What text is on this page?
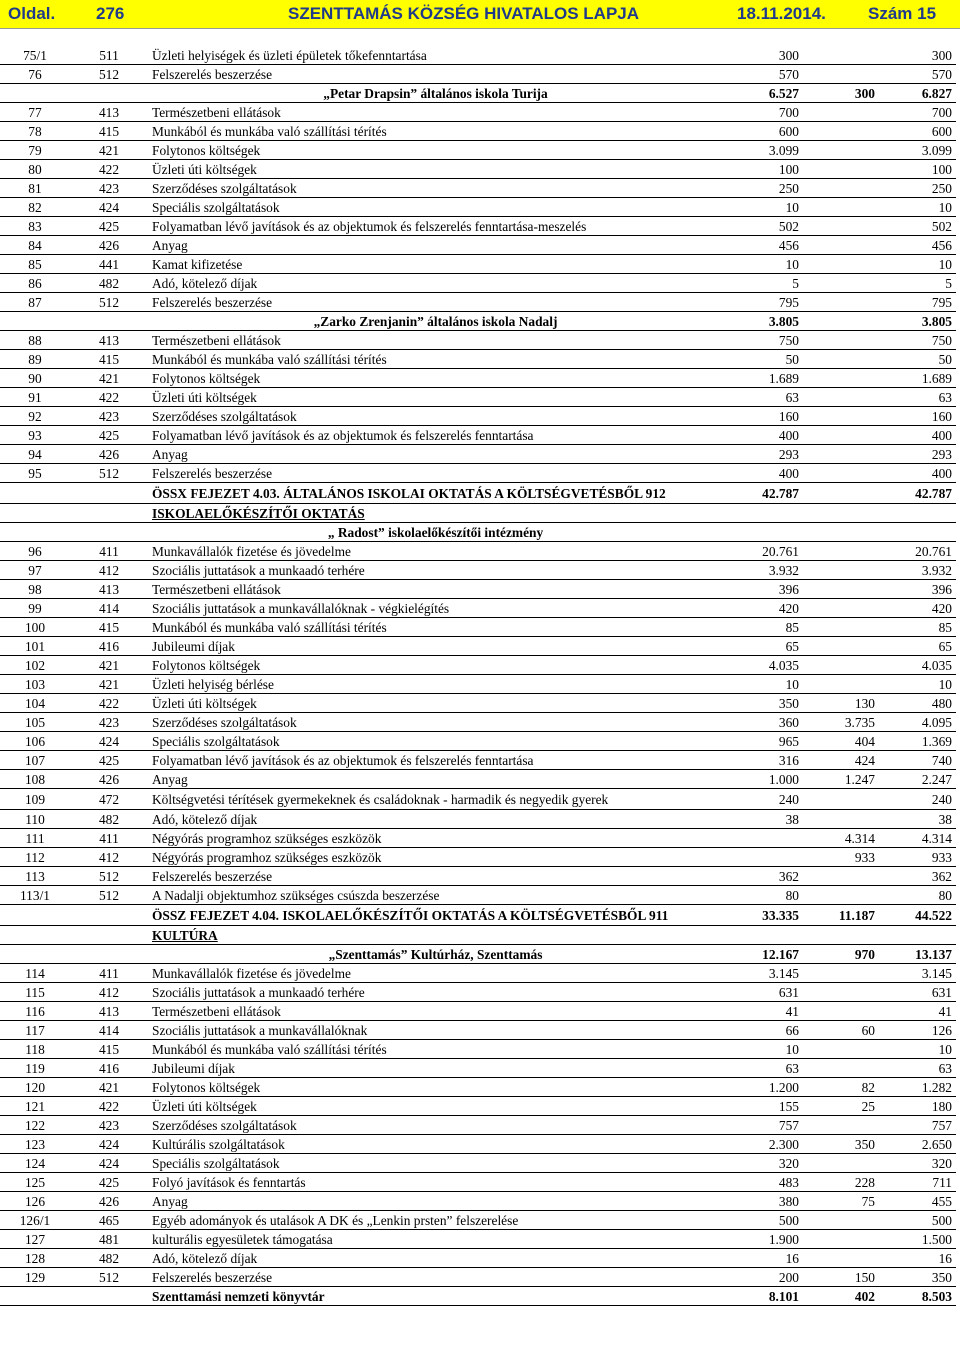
Oldal. 276	SZENTTAMÁS KÖZSÉG HIVATALOS LAPJA	18.11.2014. Szám 15
75/1	511	Üzleti helyiségek és üzleti épületek tőkefenntartása	300		300
76	512	Felszerelés beszerzése	570		570
		„Petar Drapsin” általános iskola Turija	6.527	300	6.827
77	413	Természetbeni ellátások	700		700
78	415	Munkából és munkába való szállítási térítés	600		600
79	421	Folytonos költségek	3.099		3.099
80	422	Üzleti úti költségek	100		100
81	423	Szerződéses szolgáltatások	250		250
82	424	Speciális szolgáltatások	10		10
83	425	Folyamatban lévő javítások és az objektumok és felszerelés fenntartása-meszelés	502		502
84	426	Anyag	456		456
85	441	Kamat kifizetése	10		10
86	482	Adó, kötelező díjak	5		5
87	512	Felszerelés beszerzése	795		795
		„Zarko Zrenjanin” általános iskola Nadalj	3.805		3.805
88	413	Természetbeni ellátások	750		750
89	415	Munkából és munkába való szállítási térítés	50		50
90	421	Folytonos költségek	1.689		1.689
91	422	Üzleti úti költségek	63		63
92	423	Szerződéses szolgáltatások	160		160
93	425	Folyamatban lévő javítások és az objektumok és felszerelés fenntartása	400		400
94	426	Anyag	293		293
95	512	Felszerelés beszerzése	400		400
		ÖSSX FEJEZET 4.03. ÁLTALÁNOS ISKOLAI OKTATÁS A KÖLTSÉGVETÉSBŐL 912	42.787		42.787
		ISKOLAELŐKÉSZÍTŐI OKTATÁS			
		„ Radost” iskolaelőkészítői intézmény			
96	411	Munkavállalók fizetése és jövedelme	20.761		20.761
97	412	Szociális juttatások a munkaadó terhére	3.932		3.932
98	413	Természetbeni ellátások	396		396
99	414	Szociális juttatások a munkavállalóknak - végkielégítés	420		420
100	415	Munkából és munkába való szállítási térítés	85		85
101	416	Jubileumi díjak	65		65
102	421	Folytonos költségek	4.035		4.035
103	421	Üzleti helyiség bérlése	10		10
104	422	Üzleti úti költségek	350	130	480
105	423	Szerződéses szolgáltatások	360	3.735	4.095
106	424	Speciális szolgáltatások	965	404	1.369
107	425	Folyamatban lévő javítások és az objektumok és felszerelés fenntartása	316	424	740
108	426	Anyag	1.000	1.247	2.247
109	472	Költségvetési térítések gyermekeknek és családoknak - harmadik és negyedik gyerek	240		240
110	482	Adó, kötelező díjak	38		38
111	411	Négyórás programhoz szükséges eszközök		4.314	4.314
112	412	Négyórás programhoz szükséges eszközök		933	933
113	512	Felszerelés beszerzése	362		362
113/1	512	A Nadalji objektumhoz szükséges csúszda beszerzése	80		80
		ÖSSZ FEJEZET 4.04. ISKOLAELŐKÉSZÍTŐI OKTATÁS A KÖLTSÉGVETÉSBŐL 911	33.335	11.187	44.522
		KULTÚRA			
		„Szenttamás” Kultúrház, Szenttamás	12.167	970	13.137
114	411	Munkavállalók fizetése és jövedelme	3.145		3.145
115	412	Szociális juttatások a munkaadó terhére	631		631
116	413	Természetbeni ellátások	41		41
117	414	Szociális juttatások a munkavállalóknak	66	60	126
118	415	Munkából és munkába való szállítási térítés	10		10
119	416	Jubileumi díjak	63		63
120	421	Folytonos költségek	1.200	82	1.282
121	422	Üzleti úti költségek	155	25	180
122	423	Szerződéses szolgáltatások	757		757
123	424	Kultúrális szolgáltatások	2.300	350	2.650
124	424	Speciális szolgáltatások	320		320
125	425	Folyó javítások és fenntartás	483	228	711
126	426	Anyag	380	75	455
126/1	465	Egyéb adományok és utalások A DK és „Lenkin prsten” felszerelése	500		500
127	481	kulturális egyesületek támogatása	1.900		1.500
128	482	Adó, kötelező díjak	16		16
129	512	Felszerelés beszerzése	200	150	350
		Szenttamási nemzeti könyvtár	8.101	402	8.503
